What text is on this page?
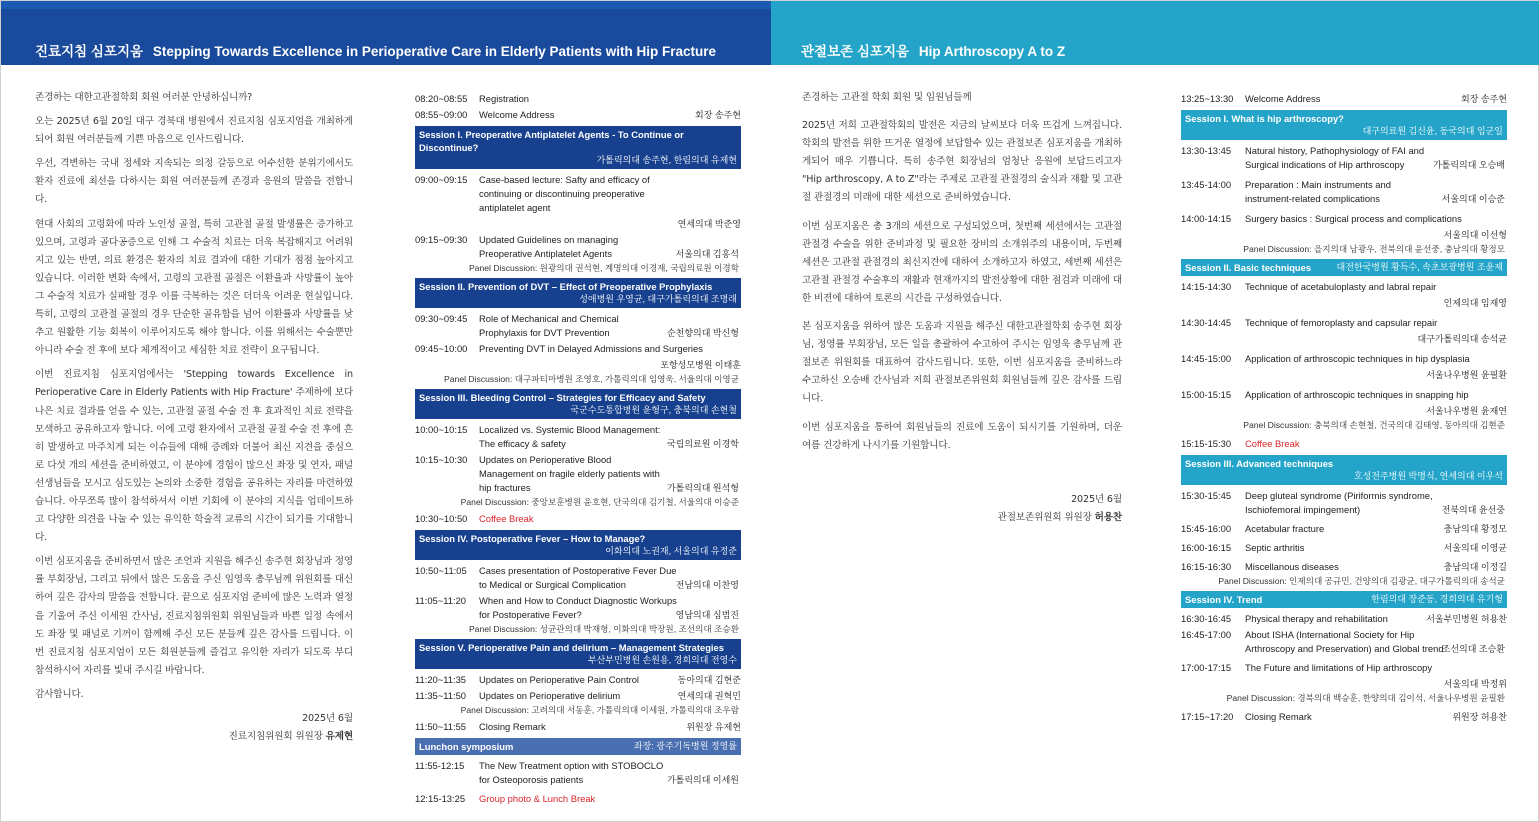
진료지침 심포지움 Stepping Towards Excellence in Perioperative Care in Elderly Patients with Hip Fracture	관절보존 심포지움 Hip Arthroscopy A to Z

존경하는 대한고관절학회 회원 여러분 안녕하십니까?

오는 2025년 6월 20일 대구 경북대 병원에서 진료지침 심포지엄을 개최하게 되어 회원 여러분들께 기쁜 마음으로 인사드립니다.

우선, 격변하는 국내 정세와 지속되는 의정 갈등으로 어수선한 분위기에서도 환자 진료에 최선을 다하시는 회원 여러분들께 존경과 응원의 말씀을 전합니다.

현대 사회의 고령화에 따라 노인성 골절, 특히 고관절 골절 발생률은 증가하고 있으며, 고령과 골다공증으로 인해 그 수술적 치료는 더욱 복잡해지고 어려워지고 있는 반면, 의료 환경은 환자의 치료 결과에 대한 기대가 점점 높아지고 있습니다. 이러한 변화 속에서, 고령의 고관절 골절은 이환율과 사망률이 높아 그 수술적 치료가 실패할 경우 이를 극복하는 것은 더더욱 어려운 현실입니다. 특히, 고령의 고관절 골절의 경우 단순한 골유합을 넘어 이환률과 사망률을 낮추고 원활한 기능 회복이 이루어지도록 해야 합니다. 이를 위해서는 수술뿐만 아니라 수술 전 후에 보다 체계적이고 세심한 치료 전략이 요구됩니다.

이번 진료지침 심포지엄에서는 'Stepping towards Excellence in Perioperative Care in Elderly Patients with Hip Fracture' 주제하에 보다 나은 치료 결과를 얻을 수 있는, 고관절 골절 수술 전 후 효과적인 치료 전략을 모색하고 공유하고자 합니다. 이에 고령 환자에서 고관절 골절 수술 전 후에 흔히 발생하고 마주치게 되는 이슈들에 대해 증례와 더불어 최신 지견을 중심으로 다섯 개의 세션을 준비하였고, 이 분야에 경험이 많으신 좌장 및 연자, 패널 선생님들을 모시고 심도있는 논의와 소중한 경험을 공유하는 자리를 마련하였습니다. 아무쪼록 많이 참석하셔서 이번 기회에 이 분야의 지식을 업데이트하고 다양한 의견을 나눌 수 있는 유익한 학술적 교류의 시간이 되기를 기대합니다.

이번 심포지움을 준비하면서 많은 조언과 지원을 해주신 송주현 회장님과 정영률 부회장님, 그리고 뒤에서 많은 도움을 주신 임영욱 총무님께 위원회를 대신하여 깊은 감사의 말씀을 전합니다. 끝으로 심포지엄 준비에 많은 노력과 열정을 기울여 주신 이세원 간사님, 진료지침위원회 위원님들과 바쁜 일정 속에서도 좌장 및 패널로 기꺼이 함께해 주신 모든 분들께 깊은 감사를 드립니다. 이번 진료지침 심포지엄이 모든 회원분들께 즐겁고 유익한 자리가 되도록 부디 참석하시어 자리를 빛내 주시길 바랍니다.

감사합니다.

2025년 6월
진료지침위원회 위원장 유제현
08:20~08:55	Registration
08:55~09:00	Welcome Address	회장 송주현
Session I. Preoperative Antiplatelet Agents - To Continue or Discontinue?
가톨릭의대 송주현, 한림의대 유제현
09:00~09:15	Case-based lecture: Safty and efficacy of continuing or discontinuing preoperative antiplatelet agent
연세의대 박준영
09:15~09:30	Updated Guidelines on managing Preoperative Antiplatelet Agents	서울의대 김홍석
Panel Discussion: 원광의대 권석현, 계명의대 이경재, 국립의료원 이경학
Session II. Prevention of DVT – Effect of Preoperative Prophylaxis
성애병원 우영균, 대구가톨릭의대 조명래
09:30~09:45	Role of Mechanical and Chemical Prophylaxis for DVT Prevention	순천향의대 박신형
09:45~10:00	Preventing DVT in Delayed Admissions and Surgeries
포항성모병원 이태훈
Panel Discussion: 대구파티마병원 조영호, 가톨릭의대 임영욱, 서울의대 이영균
Session III. Bleeding Control – Strategies for Efficacy and Safety
국군수도통합병원 윤형구, 충북의대 손현철
10:00~10:15	Localized vs. Systemic Blood Management: The efficacy & safety	국립의료원 이경학
10:15~10:30	Updates on Perioperative Blood Management on fragile elderly patients with hip fractures	가톨릭의대 원석형
Panel Discussion: 중앙보훈병원 윤호현, 단국의대 김기철, 서울의대 이승준
10:30~10:50	Coffee Break
Session IV. Postoperative Fever – How to Manage?
이화의대 노권재, 서울의대 유정준
10:50~11:05	Cases presentation of Postoperative Fever Due to Medical or Surgical Complication	전남의대 이찬영
11:05~11:20	When and How to Conduct Diagnostic Workups for Postoperative Fever?	영남의대 심범진
Panel Discussion: 성균관의대 박재형, 이화의대 박장원, 조선의대 조승환
Session V. Perioperative Pain and delirium – Management Strategies
부산부민병원 손원용, 경희의대 전영수
11:20~11:35	Updates on Perioperative Pain Control	동아의대 김현준
11:35~11:50	Updates on Perioperative delirium	연세의대 권혁민
Panel Discussion: 고려의대 서동훈, 가톨릭의대 이세원, 가톨릭의대 조우람
11:50~11:55	Closing Remark	위원장 유제현
Lunchon symposium	좌장: 광주기독병원 정영률
11:55-12:15	The New Treatment option with STOBOCLO for Osteoporosis patients	가톨릭의대 이세원
12:15-13:25	Group photo & Lunch Break

존경하는 고관절 학회 회원 및 임원님들께

2025년 저희 고관절학회의 발전은 지금의 날씨보다 더욱 뜨겁게 느껴집니다. 학회의 발전을 위한 뜨거운 열정에 보답할수 있는 관절보존 심포지움을 개최하게되어 매우 기쁩니다. 특히 송주현 회장님의 엄청난 응원에 보답드리고자 "Hip arthroscopy, A to Z"라는 주제로 고관절 관절경의 술식과 재활 및 고관절 관절경의 미래에 대한 세션으로 준비하였습니다.

이번 심포지움은 총 3개의 세션으로 구성되었으며, 첫번째 세션에서는 고관절 관절경 수술을 위한 준비과정 및 필요한 장비의 소개위주의 내용이며, 두번째 세션은 고관절 관절경의 최신지견에 대하여 소개하고자 하였고, 세번째 세션은 고관절 관절경 수술후의 재활과 현재까지의 발전상황에 대한 점검과 미래에 대한 비젼에 대하여 토론의 시간을 구성하였습니다.

본 심포지움을 위하여 많은 도움과 지원을 해주신 대한고관절학회 송주현 회장님, 정영률 부회장님, 모든 일을 총괄하여 수고하여 주시는 임영욱 총무님께 관절보존 위원회를 대표하여 감사드립니다. 또한, 이번 심포지움을 준비하느라 수고하신 오승배 간사님과 저희 관절보존위원회 회원님들께 깊은 감사를 드립니다.

이번 심포지움을 통하여 회원님들의 진료에 도움이 되시기를 기원하며, 더운 여름 건강하게 나시기를 기원합니다.

2025년 6월
관절보존위원회 위원장 허용찬
13:25~13:30	Welcome Address	회장 송주현
Session I. What is hip arthroscopy?
대구의료원 김신윤, 동국의대 임군일
13:30-13:45	Natural history, Pathophysiology of FAI and Surgical indications of Hip arthroscopy	가톨릭의대 오승배
13:45-14:00	Preparation : Main instruments and instrument-related complications	서울의대 이승준
14:00-14:15	Surgery basics : Surgical process and complications
서울의대 이선형
Panel Discussion: 을지의대 남광우, 전북의대 윤선중, 충남의대 황정모
Session II. Basic techniques	대전한국병원 황득수, 속초보광병원 조윤제
14:15-14:30	Technique of acetabuloplasty and labral repair
인제의대 임재영
14:30-14:45	Technique of femoroplasty and capsular repair
대구가톨릭의대 송석균
14:45-15:00	Application of arthroscopic techniques in hip dysplasia
서울나우병원 윤필환
15:00-15:15	Application of arthroscopic techniques in snapping hip
서울나우병원 윤재연
Panel Discussion: 충북의대 손현철, 건국의대 김태영, 동아의대 김현준
15:15-15:30	Coffee Break
Session III. Advanced techniques
호성전주병원 박명식, 연세의대 이우석
15:30-15:45	Deep gluteal syndrome (Piriformis syndrome, Ischiofemoral impingement)	전북의대 윤선중
15:45-16:00	Acetabular fracture	충남의대 황정모
16:00-16:15	Septic arthritis	서울의대 이영균
16:15-16:30	Miscellanous diseases	충남의대 이정길
Panel Discussion: 인제의대 공규민, 건양의대 김광균, 대구가톨릭의대 송석균
Session IV. Trend	한림의대 장준동, 경희의대 유기형
16:30-16:45	Physical therapy and rehabilitation	서울부민병원 허용찬
16:45-17:00	About ISHA (International Society for Hip Arthroscopy and Preservation) and Global trend
조선의대 조승환
17:00-17:15	The Future and limitations of Hip arthroscopy
서울의대 박정위
Panel Discussion: 경북의대 백승훈, 한양의대 김이석, 서울나우병원 윤필환
17:15~17:20	Closing Remark	위원장 허용찬
